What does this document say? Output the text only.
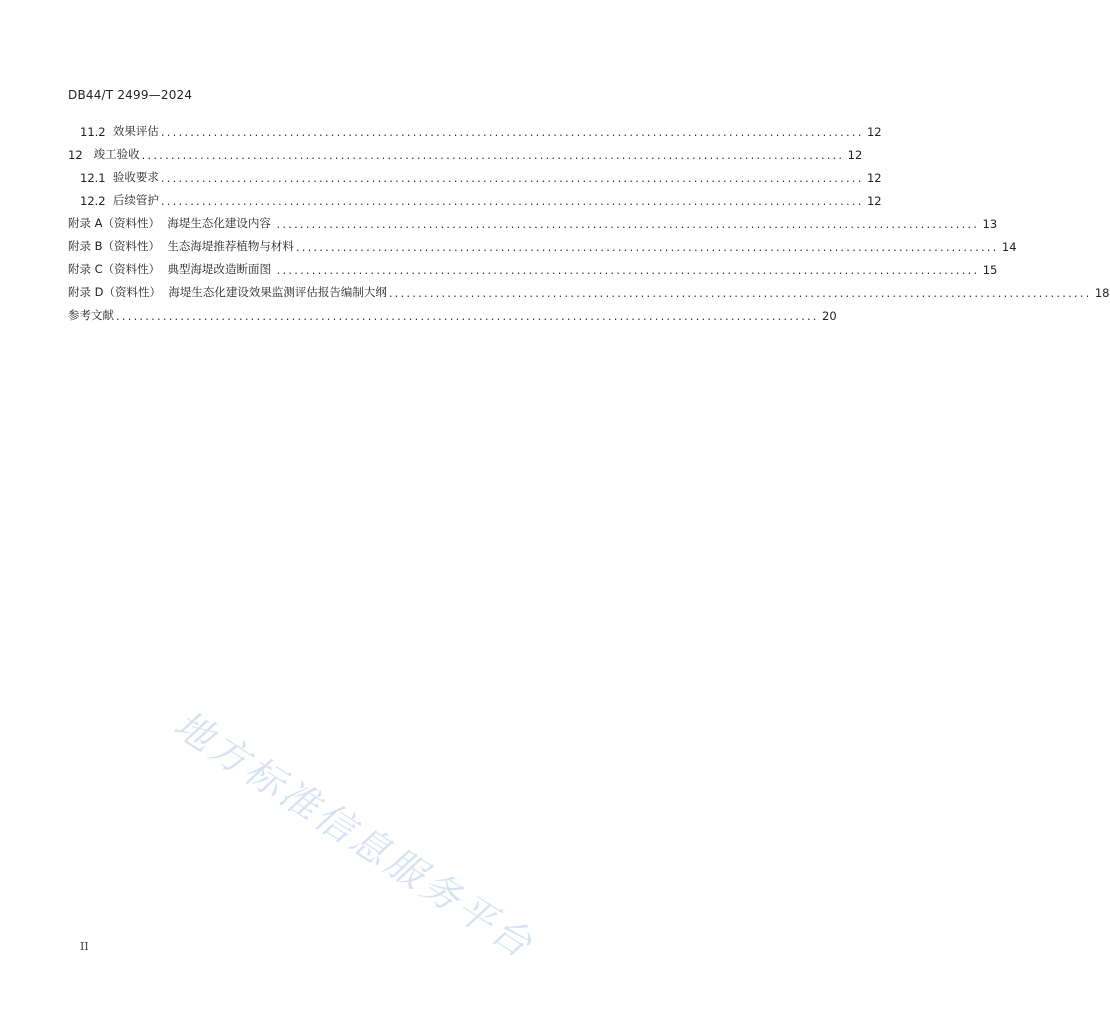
DB44/T 2499—2024
11.2 效果评估 ........................................................................................................................ 12
12 竣工验收 ........................................................................................................................ 12
12.1 验收要求 ........................................................................................................................ 12
12.2 后续管护 ........................................................................................................................ 12
附录 A（资料性） 海堤生态化建设内容 ........................................................................................................................ 13
附录 B（资料性） 生态海堤推荐植物与材料 ........................................................................................................................ 14
附录 C（资料性） 典型海堤改造断面图 ........................................................................................................................ 15
附录 D（资料性） 海堤生态化建设效果监测评估报告编制大纲 ........................................................................................................................ 18
参考文献 ........................................................................................................................ 20
地方标准信息服务平台
II
